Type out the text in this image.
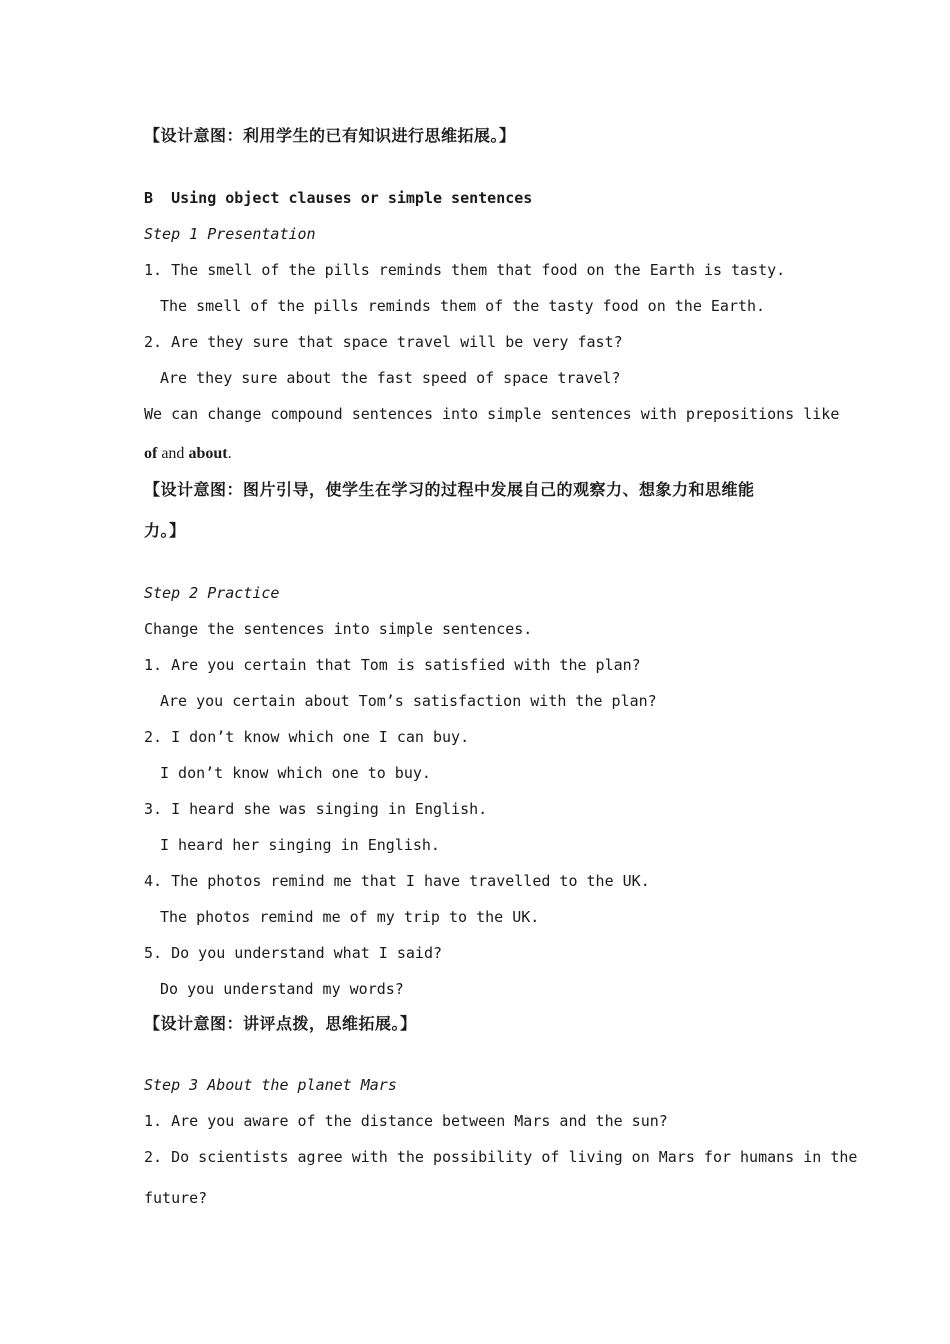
【设计意图：利用学生的已有知识进行思维拓展。】
B  Using object clauses or simple sentences
Step 1 Presentation
1. The smell of the pills reminds them that food on the Earth is tasty.
The smell of the pills reminds them of the tasty food on the Earth.
2. Are they sure that space travel will be very fast?
Are they sure about the fast speed of space travel?
We can change compound sentences into simple sentences with prepositions like
of and about.
【设计意图：图片引导，使学生在学习的过程中发展自己的观察力、想象力和思维能
力。】
Step 2 Practice
Change the sentences into simple sentences.
1. Are you certain that Tom is satisfied with the plan?
Are you certain about Tom’s satisfaction with the plan?
2. I don’t know which one I can buy.
I don’t know which one to buy.
3. I heard she was singing in English.
I heard her singing in English.
4. The photos remind me that I have travelled to the UK.
The photos remind me of my trip to the UK.
5. Do you understand what I said?
Do you understand my words?
【设计意图：讲评点拨，思维拓展。】
Step 3 About the planet Mars
1. Are you aware of the distance between Mars and the sun?
2. Do scientists agree with the possibility of living on Mars for humans in the
future?
